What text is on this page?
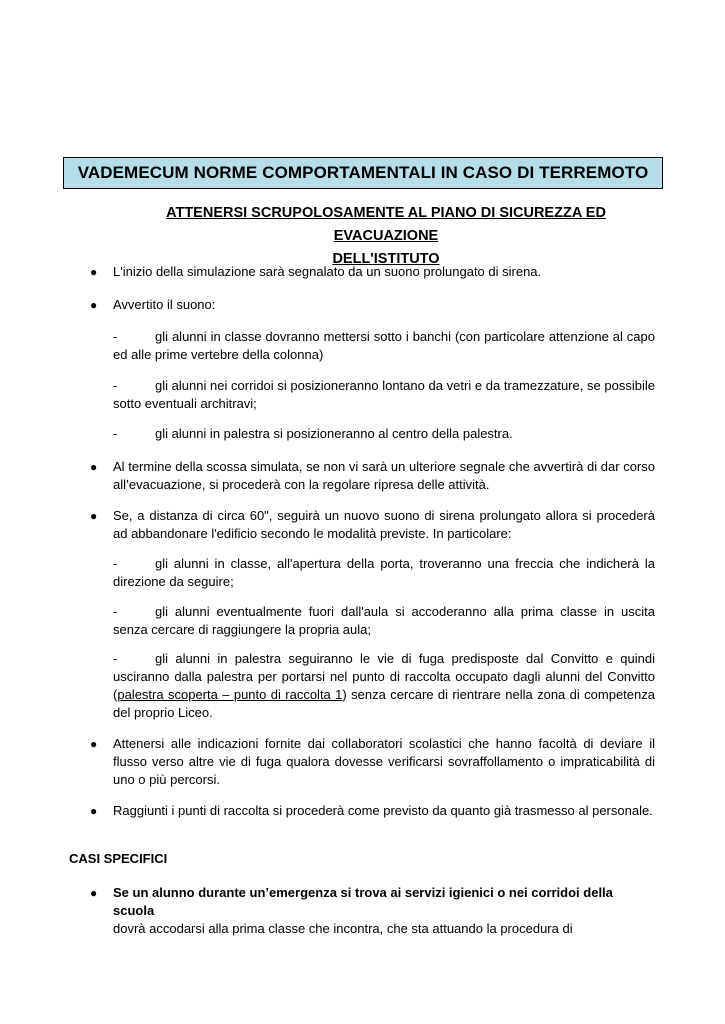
VADEMECUM NORME COMPORTAMENTALI IN CASO DI TERREMOTO
ATTENERSI SCRUPOLOSAMENTE AL PIANO DI SICUREZZA ED EVACUAZIONE
DELL'ISTITUTO
● L'inizio della simulazione sarà segnalato da un suono prolungato di sirena.
● Avvertito il suono:
-	gli alunni in classe dovranno mettersi sotto i banchi (con particolare attenzione al capo ed alle prime vertebre della colonna)
-	gli alunni nei corridoi si posizioneranno lontano da vetri e da tramezzature, se possibile sotto eventuali architravi;
-	gli alunni in palestra si posizioneranno al centro della palestra.
● Al termine della scossa simulata, se non vi sarà un ulteriore segnale che avvertirà di dar corso all’evacuazione, si procederà con la regolare ripresa delle attività.
● Se, a distanza di circa 60", seguirà un nuovo suono di sirena prolungato allora si procederà ad abbandonare l'edificio secondo le modalità previste. In particolare:
-	gli alunni in classe, all'apertura della porta, troveranno una freccia che indicherà la direzione da seguire;
-	gli alunni eventualmente fuori dall'aula si accoderanno alla prima classe in uscita senza cercare di raggiungere la propria aula;
-	gli alunni in palestra seguiranno le vie di fuga predisposte dal Convitto e quindi usciranno dalla palestra per portarsi nel punto di raccolta occupato dagli alunni del Convitto (palestra scoperta – punto di raccolta 1) senza cercare di rientrare nella zona di competenza del proprio Liceo.
● Attenersi alle indicazioni fornite dai collaboratori scolastici che hanno facoltà di deviare il flusso verso altre vie di fuga qualora dovesse verificarsi sovraffollamento o impraticabilità di uno o più percorsi.
● Raggiunti i punti di raccolta si procederà come previsto da quanto già trasmesso al personale.
CASI SPECIFICI
● Se un alunno durante un’emergenza si trova ai servizi igienici o nei corridoi della scuola
dovrà accodarsi alla prima classe che incontra, che sta attuando la procedura di
